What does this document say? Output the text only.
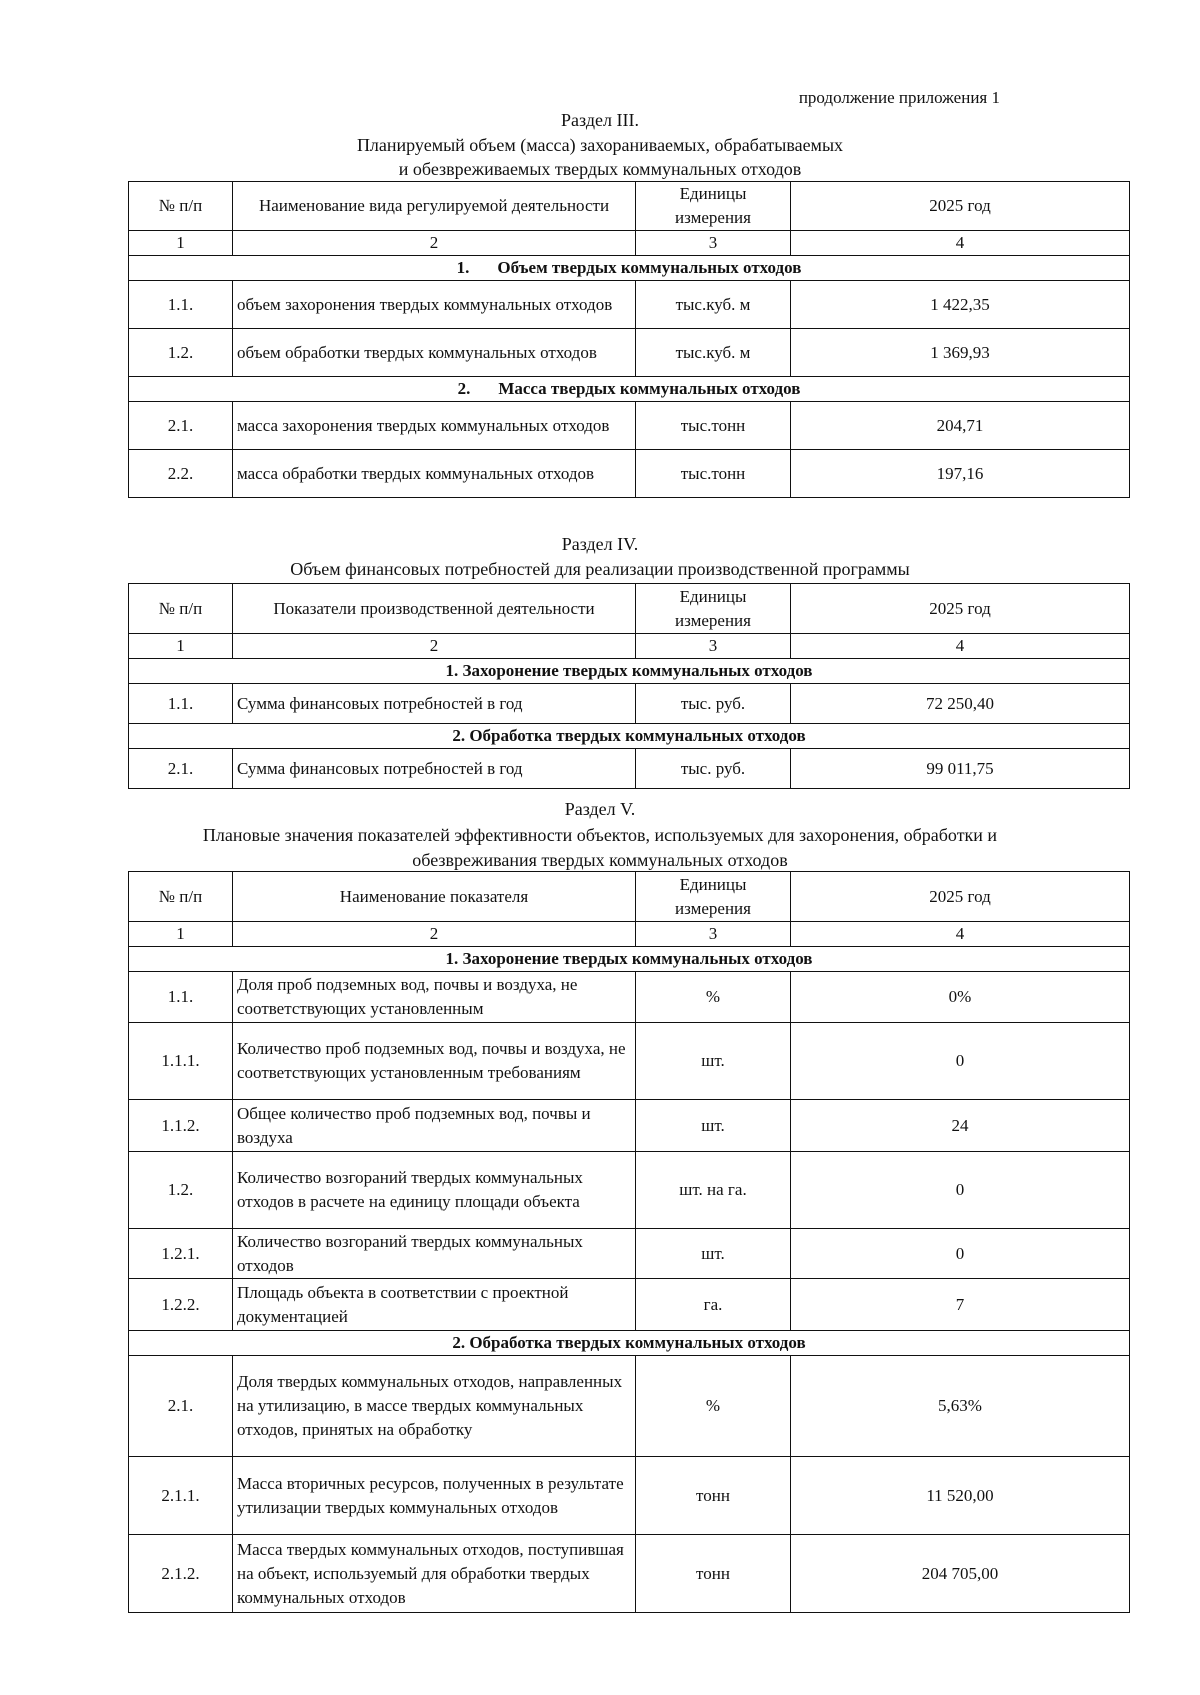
продолжение приложения 1
Раздел III.
Планируемый объем (масса) захораниваемых, обрабатываемых
и обезвреживаемых твердых коммунальных отходов
№ п/п	Наименование вида регулируемой деятельности	Единицы измерения	2025 год
1	2	3	4
1. Объем твердых коммунальных отходов			
1.1.	объем захоронения твердых коммунальных отходов	тыс.куб. м	1 422,35
1.2.	объем обработки твердых коммунальных отходов	тыс.куб. м	1 369,93
2. Масса твердых коммунальных отходов			
2.1.	масса захоронения твердых коммунальных отходов	тыс.тонн	204,71
2.2.	масса обработки твердых коммунальных отходов	тыс.тонн	197,16
Раздел IV.
Объем финансовых потребностей для реализации производственной программы
№ п/п	Показатели производственной деятельности	Единицы измерения	2025 год
1	2	3	4
1. Захоронение твердых коммунальных отходов			
1.1.	Сумма финансовых потребностей в год	тыс. руб.	72 250,40
2. Обработка твердых коммунальных отходов			
2.1.	Сумма финансовых потребностей в год	тыс. руб.	99 011,75
Раздел V.
Плановые значения показателей эффективности объектов, используемых для захоронения, обработки и
обезвреживания твердых коммунальных отходов
№ п/п	Наименование показателя	Единицы измерения	2025 год
1	2	3	4
1. Захоронение твердых коммунальных отходов			
1.1.	Доля проб подземных вод, почвы и воздуха, не соответствующих установленным	%	0%
1.1.1.	Количество проб подземных вод, почвы и воздуха, не соответствующих установленным требованиям	шт.	0
1.1.2.	Общее количество проб подземных вод, почвы и воздуха	шт.	24
1.2.	Количество возгораний твердых коммунальных отходов в расчете на единицу площади объекта	шт. на га.	0
1.2.1.	Количество возгораний твердых коммунальных отходов	шт.	0
1.2.2.	Площадь объекта в соответствии с проектной документацией	га.	7
2. Обработка твердых коммунальных отходов			
2.1.	Доля твердых коммунальных отходов, направленных на утилизацию, в массе твердых коммунальных отходов, принятых на обработку	%	5,63%
2.1.1.	Масса вторичных ресурсов, полученных в результате утилизации твердых коммунальных отходов	тонн	11 520,00
2.1.2.	Масса твердых коммунальных отходов, поступившая на объект, используемый для обработки твердых коммунальных отходов	тонн	204 705,00
